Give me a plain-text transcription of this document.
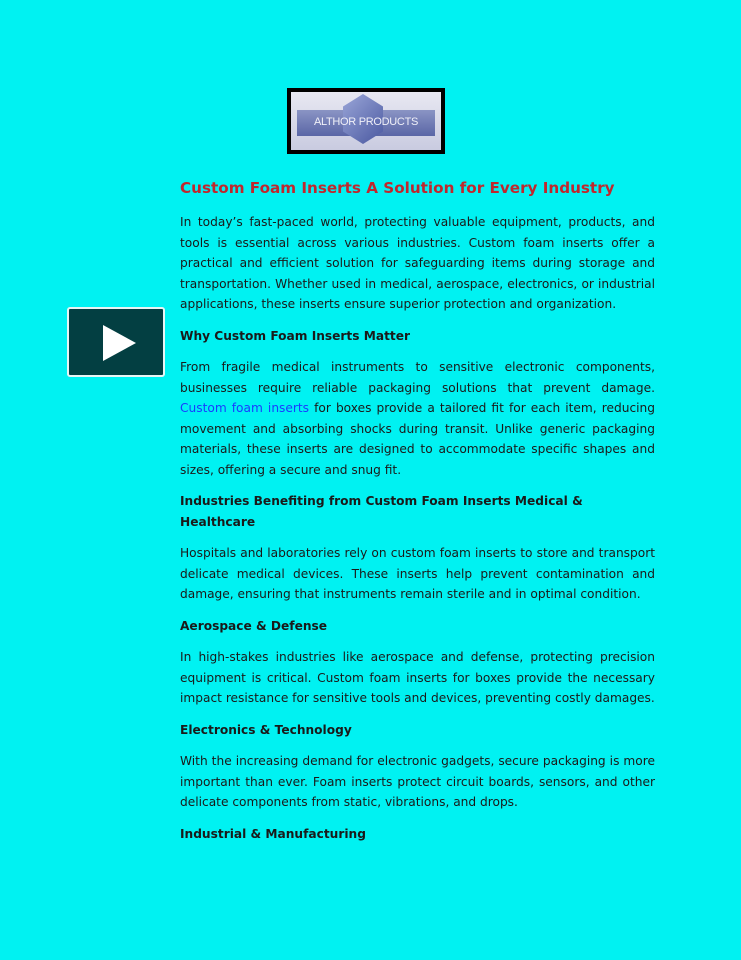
ALTHOR PRODUCTS
Custom Foam Inserts A Solution for Every Industry

In today’s fast-paced world, protecting valuable equipment, products, and tools is essential across various industries. Custom foam inserts offer a practical and efficient solution for safeguarding items during storage and transportation. Whether used in medical, aerospace, electronics, or industrial applications, these inserts ensure superior protection and organization.

Why Custom Foam Inserts Matter

From fragile medical instruments to sensitive electronic components, businesses require reliable packaging solutions that prevent damage. Custom foam inserts for boxes provide a tailored fit for each item, reducing movement and absorbing shocks during transit. Unlike generic packaging materials, these inserts are designed to accommodate specific shapes and sizes, offering a secure and snug fit.

Industries Benefiting from Custom Foam Inserts Medical & Healthcare

Hospitals and laboratories rely on custom foam inserts to store and transport delicate medical devices. These inserts help prevent contamination and damage, ensuring that instruments remain sterile and in optimal condition.

Aerospace & Defense

In high-stakes industries like aerospace and defense, protecting precision equipment is critical. Custom foam inserts for boxes provide the necessary impact resistance for sensitive tools and devices, preventing costly damages.

Electronics & Technology

With the increasing demand for electronic gadgets, secure packaging is more important than ever. Foam inserts protect circuit boards, sensors, and other delicate components from static, vibrations, and drops.

Industrial & Manufacturing
